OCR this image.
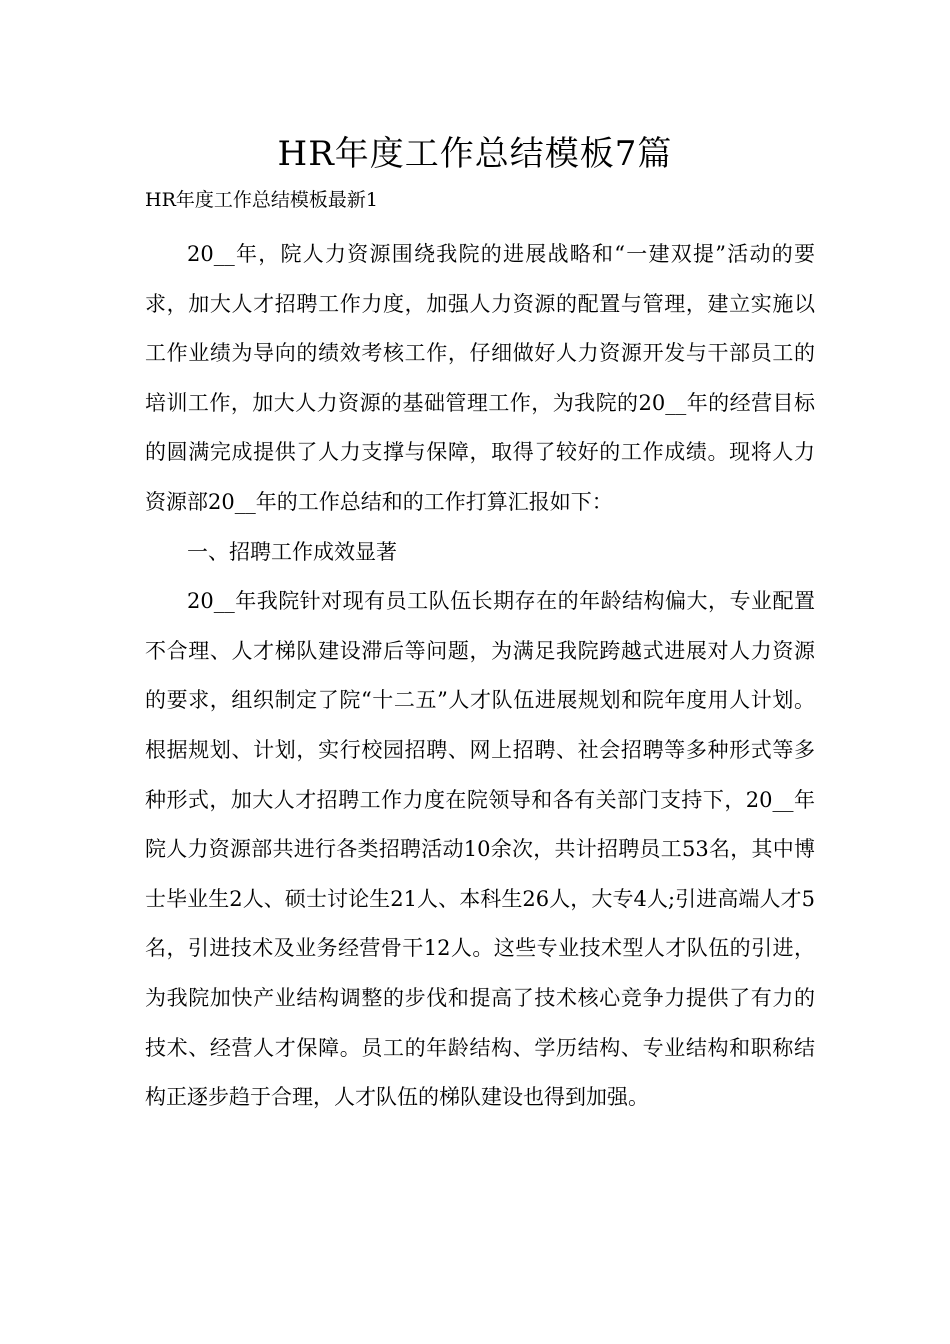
HR年度工作总结模板7篇

HR年度工作总结模板最新1

20__年，院人力资源围绕我院的进展战略和“一建双提”活动的要求，加大人才招聘工作力度，加强人力资源的配置与管理，建立实施以工作业绩为导向的绩效考核工作，仔细做好人力资源开发与干部员工的培训工作，加大人力资源的基础管理工作，为我院的20__年的经营目标的圆满完成提供了人力支撑与保障，取得了较好的工作成绩。现将人力资源部20__年的工作总结和的工作打算汇报如下：

一、招聘工作成效显著

20__年我院针对现有员工队伍长期存在的年龄结构偏大，专业配置不合理、人才梯队建设滞后等问题，为满足我院跨越式进展对人力资源的要求，组织制定了院“十二五”人才队伍进展规划和院年度用人计划。根据规划、计划，实行校园招聘、网上招聘、社会招聘等多种形式等多种形式，加大人才招聘工作力度在院领导和各有关部门支持下，20__年院人力资源部共进行各类招聘活动10余次，共计招聘员工53名，其中博士毕业生2人、硕士讨论生21人、本科生26人，大专4人;引进高端人才5名，引进技术及业务经营骨干12人。这些专业技术型人才队伍的引进，为我院加快产业结构调整的步伐和提高了技术核心竞争力提供了有力的技术、经营人才保障。员工的年龄结构、学历结构、专业结构和职称结构正逐步趋于合理，人才队伍的梯队建设也得到加强。
